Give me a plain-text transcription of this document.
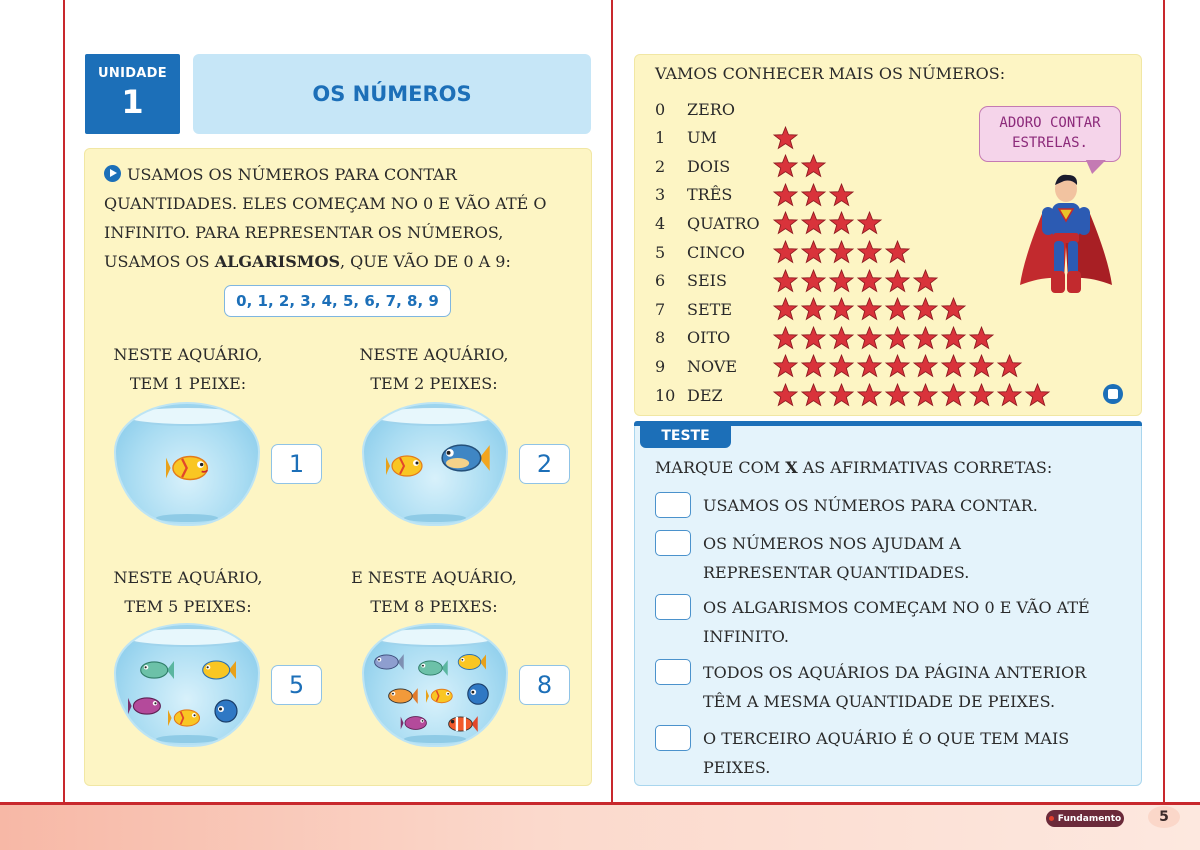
UNIDADE
1	OS NÚMEROS
USAMOS OS NÚMEROS PARA CONTAR QUANTIDADES. ELES COMEÇAM NO 0 E VÃO ATÉ O INFINITO. PARA REPRESENTAR OS NÚMEROS, USAMOS OS ALGARISMOS, QUE VÃO DE 0 A 9:
0, 1, 2, 3, 4, 5, 6, 7, 8, 9
NESTE AQUÁRIO,
TEM 1 PEIXE:
1
NESTE AQUÁRIO,
TEM 2 PEIXES:
2
NESTE AQUÁRIO,
TEM 5 PEIXES:
5
E NESTE AQUÁRIO,
TEM 8 PEIXES:
8
VAMOS CONHECER MAIS OS NÚMEROS:
0	ZERO
1	UM
2	DOIS
3	TRÊS
4	QUATRO
5	CINCO
6	SEIS
7	SETE
8	OITO
9	NOVE
10 DEZ
ADORO CONTAR
ESTRELAS.
TESTE
MARQUE COM X AS AFIRMATIVAS CORRETAS:
USAMOS OS NÚMEROS PARA CONTAR.
OS NÚMEROS NOS AJUDAM A REPRESENTAR QUANTIDADES.
OS ALGARISMOS COMEÇAM NO 0 E VÃO ATÉ INFINITO.
TODOS OS AQUÁRIOS DA PÁGINA ANTERIOR TÊM A MESMA QUANTIDADE DE PEIXES.
O TERCEIRO AQUÁRIO É O QUE TEM MAIS PEIXES.
Fundamento	5
